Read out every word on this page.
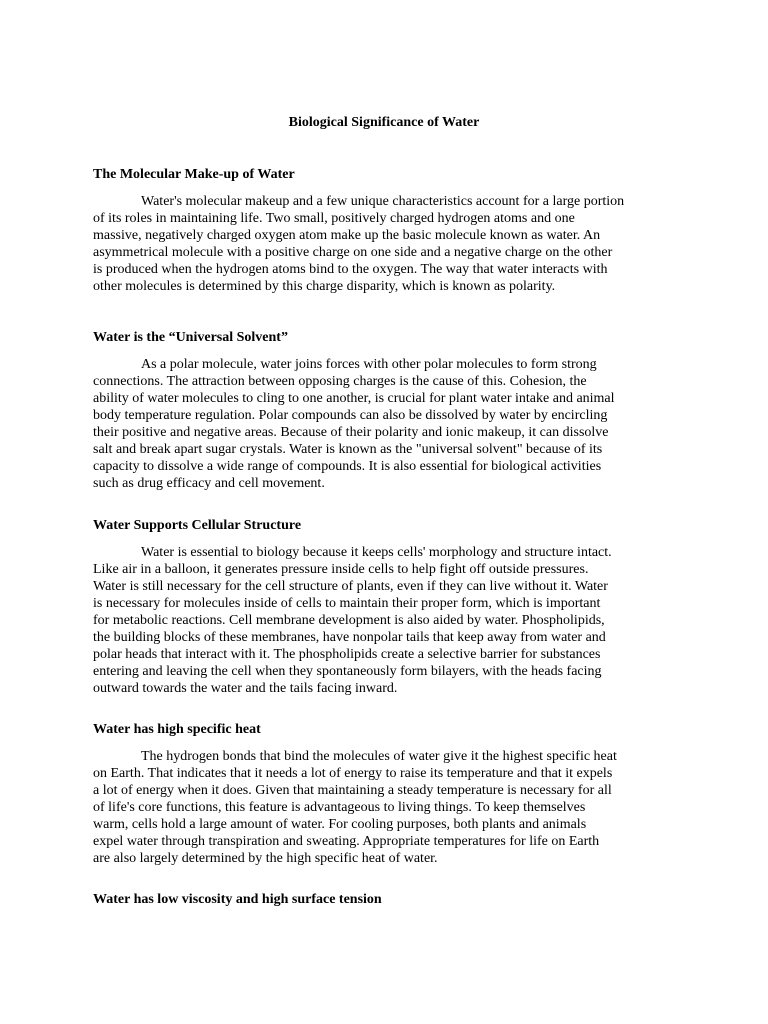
Biological Significance of Water
The Molecular Make-up of Water

Water's molecular makeup and a few unique characteristics account for a large portion
of its roles in maintaining life. Two small, positively charged hydrogen atoms and one
massive, negatively charged oxygen atom make up the basic molecule known as water. An
asymmetrical molecule with a positive charge on one side and a negative charge on the other
is produced when the hydrogen atoms bind to the oxygen. The way that water interacts with
other molecules is determined by this charge disparity, which is known as polarity.

Water is the “Universal Solvent”

As a polar molecule, water joins forces with other polar molecules to form strong
connections. The attraction between opposing charges is the cause of this. Cohesion, the
ability of water molecules to cling to one another, is crucial for plant water intake and animal
body temperature regulation. Polar compounds can also be dissolved by water by encircling
their positive and negative areas. Because of their polarity and ionic makeup, it can dissolve
salt and break apart sugar crystals. Water is known as the "universal solvent" because of its
capacity to dissolve a wide range of compounds. It is also essential for biological activities
such as drug efficacy and cell movement.

Water Supports Cellular Structure

Water is essential to biology because it keeps cells' morphology and structure intact.
Like air in a balloon, it generates pressure inside cells to help fight off outside pressures.
Water is still necessary for the cell structure of plants, even if they can live without it. Water
is necessary for molecules inside of cells to maintain their proper form, which is important
for metabolic reactions. Cell membrane development is also aided by water. Phospholipids,
the building blocks of these membranes, have nonpolar tails that keep away from water and
polar heads that interact with it. The phospholipids create a selective barrier for substances
entering and leaving the cell when they spontaneously form bilayers, with the heads facing
outward towards the water and the tails facing inward.

Water has high specific heat

The hydrogen bonds that bind the molecules of water give it the highest specific heat
on Earth. That indicates that it needs a lot of energy to raise its temperature and that it expels
a lot of energy when it does. Given that maintaining a steady temperature is necessary for all
of life's core functions, this feature is advantageous to living things. To keep themselves
warm, cells hold a large amount of water. For cooling purposes, both plants and animals
expel water through transpiration and sweating. Appropriate temperatures for life on Earth
are also largely determined by the high specific heat of water.

Water has low viscosity and high surface tension
